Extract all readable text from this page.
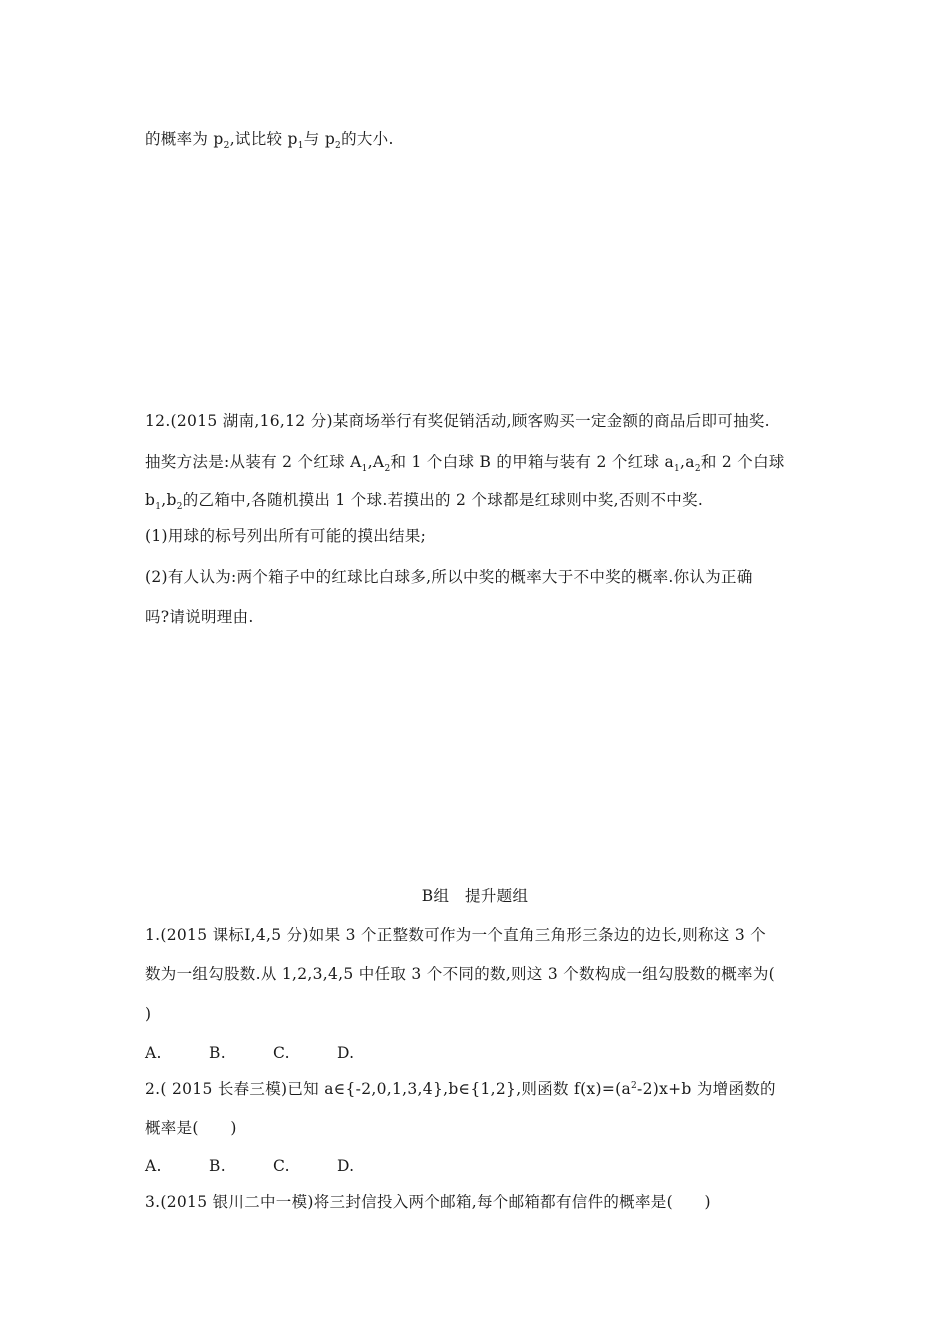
的概率为 $p_2$,试比较 $p_1$与 $p_2$的大小.
12.(2015 湖南,16,12 分)某商场举行有奖促销活动,顾客购买一定金额的商品后即可抽奖.
抽奖方法是:从装有 2 个红球 $A_1,A_2$和 1 个白球 B 的甲箱与装有 2 个红球 $a_1,a_2$和 2 个白球
$b_1,b_2$的乙箱中,各随机摸出 1 个球.若摸出的 2 个球都是红球则中奖,否则不中奖.
(1)用球的标号列出所有可能的摸出结果;
(2)有人认为:两个箱子中的红球比白球多,所以中奖的概率大于不中奖的概率.你认为正确
吗?请说明理由.
B组　提升题组
1.(2015 课标Ⅰ,4,5 分)如果 3 个正整数可作为一个直角三角形三条边的边长,则称这 3 个
数为一组勾股数.从 1,2,3,4,5 中任取 3 个不同的数,则这 3 个数构成一组勾股数的概率为(
)
A.	B.	C.	D.
2.( 2015 长春三模)已知 a∈{-2,0,1,3,4},b∈{1,2},则函数 $f(x)=(a^2-2)x+b$ 为增函数的
概率是(　　)
A.	B.	C.	D.
3.(2015 银川二中一模)将三封信投入两个邮箱,每个邮箱都有信件的概率是(　　)
